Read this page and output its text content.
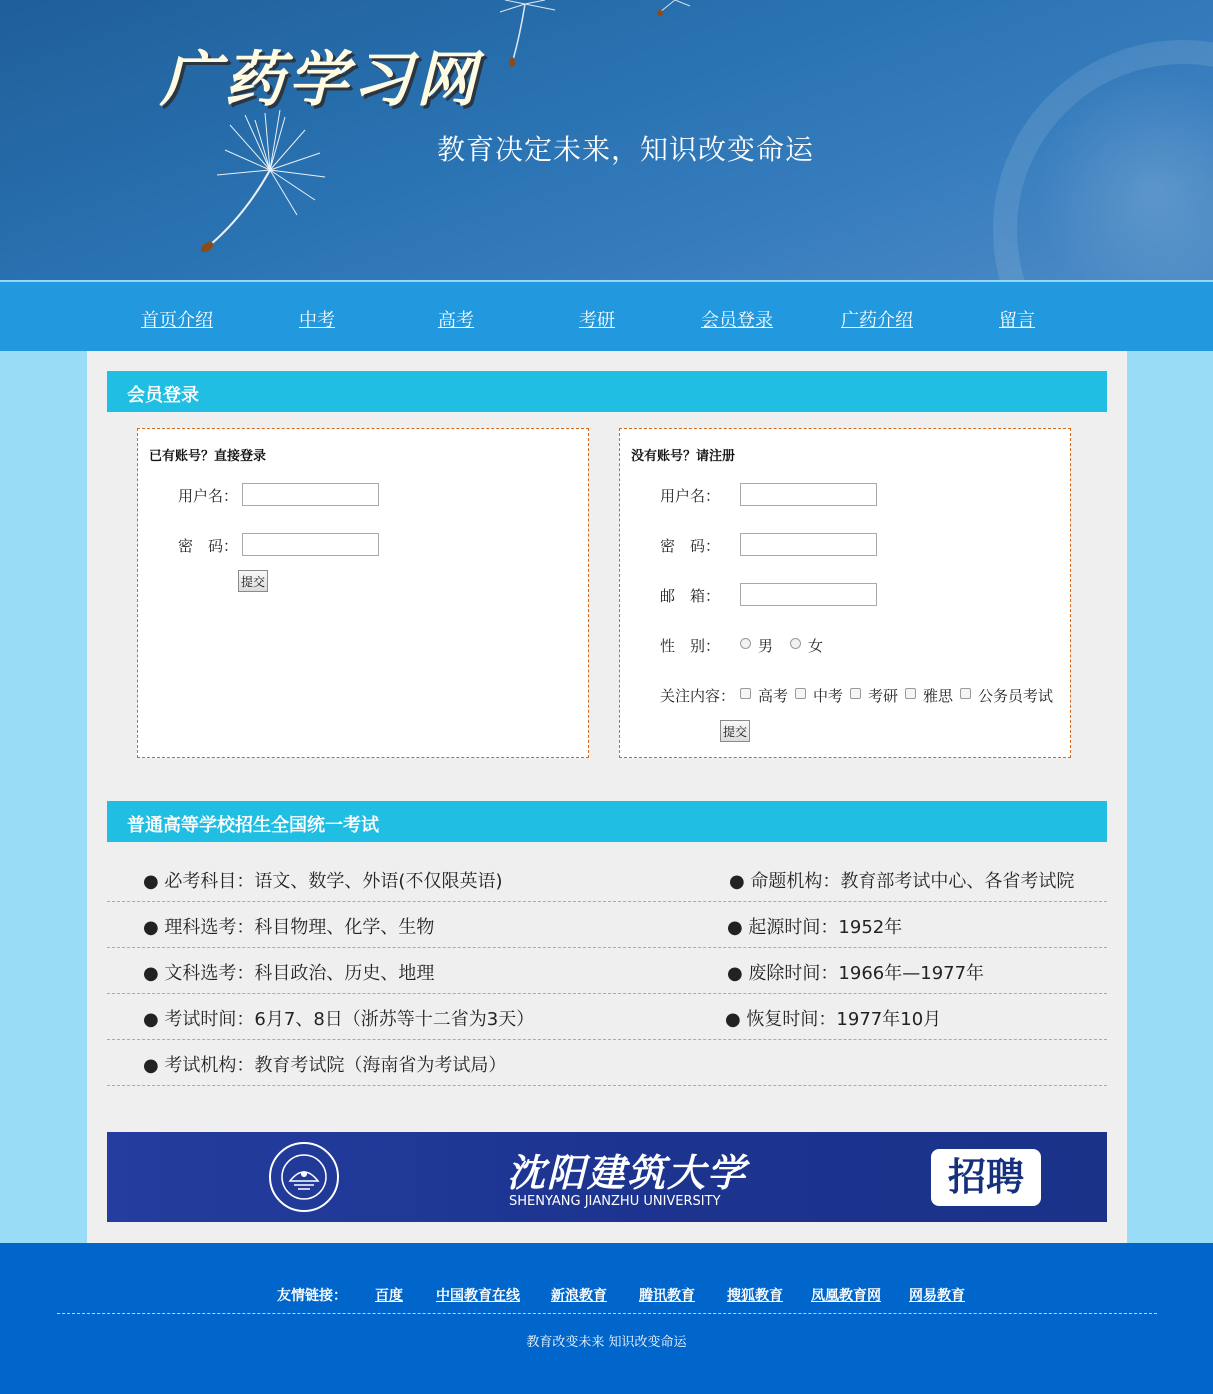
广药学习网
教育决定未来，知识改变命运
首页介绍	中考	高考	考研	会员登录	广药介绍	留言
会员登录
已有账号？直接登录
用户名：
密　码：
提交
没有账号？请注册
用户名：
密　码：
邮　箱：
性　别：	男 女
关注内容： 高考 中考 考研 雅思 公务员考试
提交
普通高等学校招生全国统一考试
● 必考科目：语文、数学、外语(不仅限英语)	● 命题机构：教育部考试中心、各省考试院
● 理科选考：科目物理、化学、生物	● 起源时间：1952年
● 文科选考：科目政治、历史、地理	● 废除时间：1966年—1977年
● 考试时间：6月7、8日（浙苏等十二省为3天）	● 恢复时间：1977年10月
● 考试机构：教育考试院（海南省为考试局）
沈阳建筑大学
SHENYANG JIANZHU UNIVERSITY
招聘
友情链接： 百度 中国教育在线 新浪教育 腾讯教育 搜狐教育 凤凰教育网 网易教育
教育改变未来 知识改变命运
